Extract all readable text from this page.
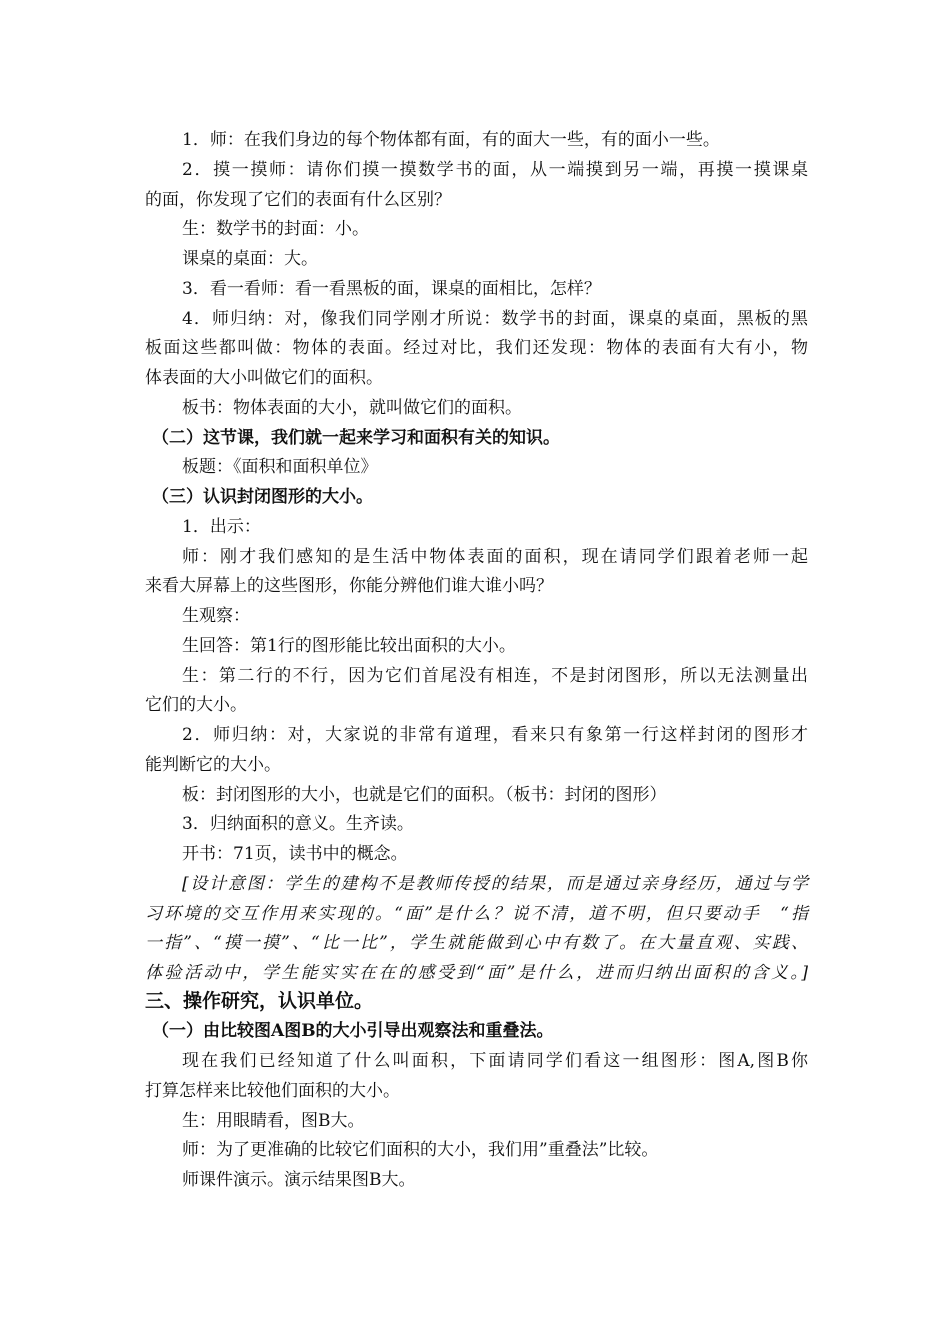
1．师：在我们身边的每个物体都有面，有的面大一些，有的面小一些。
2．摸一摸师：请你们摸一摸数学书的面，从一端摸到另一端，再摸一摸课桌
的面，你发现了它们的表面有什么区别？
生：数学书的封面：小。
课桌的桌面：大。
3．看一看师：看一看黑板的面，课桌的面相比，怎样？
4．师归纳：对，像我们同学刚才所说：数学书的封面，课桌的桌面，黑板的黑
板面这些都叫做：物体的表面。经过对比，我们还发现：物体的表面有大有小，物
体表面的大小叫做它们的面积。
板书：物体表面的大小，就叫做它们的面积。
（二）这节课，我们就一起来学习和面积有关的知识。
板题：《面积和面积单位》
（三）认识封闭图形的大小。
1．出示：
师：刚才我们感知的是生活中物体表面的面积，现在请同学们跟着老师一起
来看大屏幕上的这些图形，你能分辨他们谁大谁小吗？
生观察：
生回答：第1行的图形能比较出面积的大小。
生：第二行的不行，因为它们首尾没有相连，不是封闭图形，所以无法测量出
它们的大小。
2．师归纳：对，大家说的非常有道理，看来只有象第一行这样封闭的图形才
能判断它的大小。
板：封闭图形的大小，也就是它们的面积。（板书：封闭的图形）
3．归纳面积的意义。生齐读。
开书：71页，读书中的概念。
[设计意图：学生的建构不是教师传授的结果，而是通过亲身经历，通过与学
习环境的交互作用来实现的。“面”是什么？说不清，道不明，但只要动手　“指
一指”、“摸一摸”、“比一比”，学生就能做到心中有数了。在大量直观、实践、
体验活动中，学生能实实在在的感受到“面”是什么，进而归纳出面积的含义。]
三、操作研究，认识单位。
（一）由比较图A图B的大小引导出观察法和重叠法。
现在我们已经知道了什么叫面积，下面请同学们看这一组图形：图A,图B你
打算怎样来比较他们面积的大小。
生：用眼睛看，图B大。
师：为了更准确的比较它们面积的大小，我们用”重叠法”比较。
师课件演示。演示结果图B大。
